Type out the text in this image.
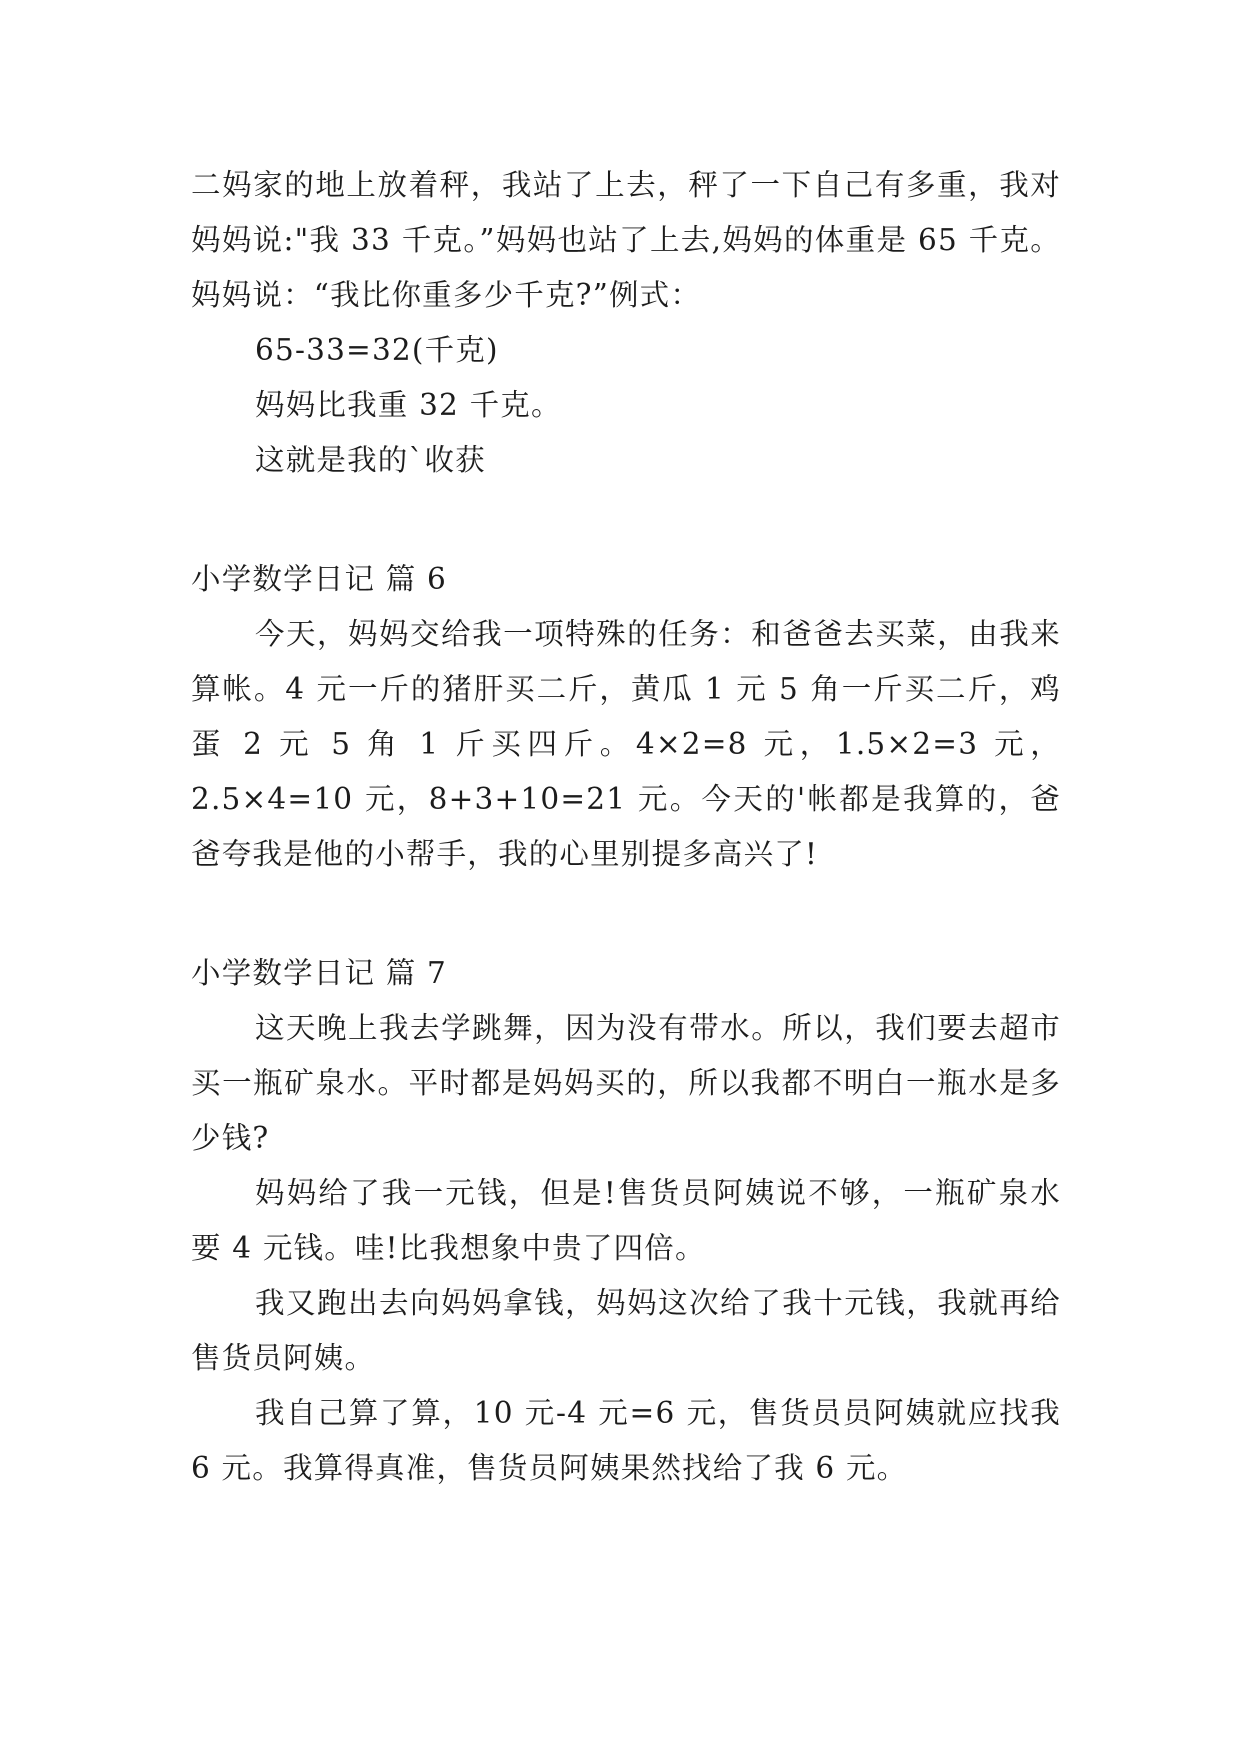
二妈家的地上放着秤，我站了上去，秤了一下自己有多重，我对妈妈说:"我 33 千克。”妈妈也站了上去,妈妈的体重是 65 千克。妈妈说：“我比你重多少千克?”例式：

65-33=32(千克)

妈妈比我重 32 千克。

这就是我的`收获

小学数学日记 篇 6

今天，妈妈交给我一项特殊的任务：和爸爸去买菜，由我来算帐。4 元一斤的猪肝买二斤，黄瓜 1 元 5 角一斤买二斤，鸡蛋 2 元 5 角 1 斤买四斤。4×2=8 元，1.5×2=3 元，2.5×4=10 元，8+3+10=21 元。今天的'帐都是我算的，爸爸夸我是他的小帮手，我的心里别提多高兴了!

小学数学日记 篇 7

这天晚上我去学跳舞，因为没有带水。所以，我们要去超市买一瓶矿泉水。平时都是妈妈买的，所以我都不明白一瓶水是多少钱?

妈妈给了我一元钱，但是!售货员阿姨说不够，一瓶矿泉水要 4 元钱。哇!比我想象中贵了四倍。

我又跑出去向妈妈拿钱，妈妈这次给了我十元钱，我就再给售货员阿姨。

我自己算了算，10 元-4 元=6 元，售货员员阿姨就应找我 6 元。我算得真准，售货员阿姨果然找给了我 6 元。
